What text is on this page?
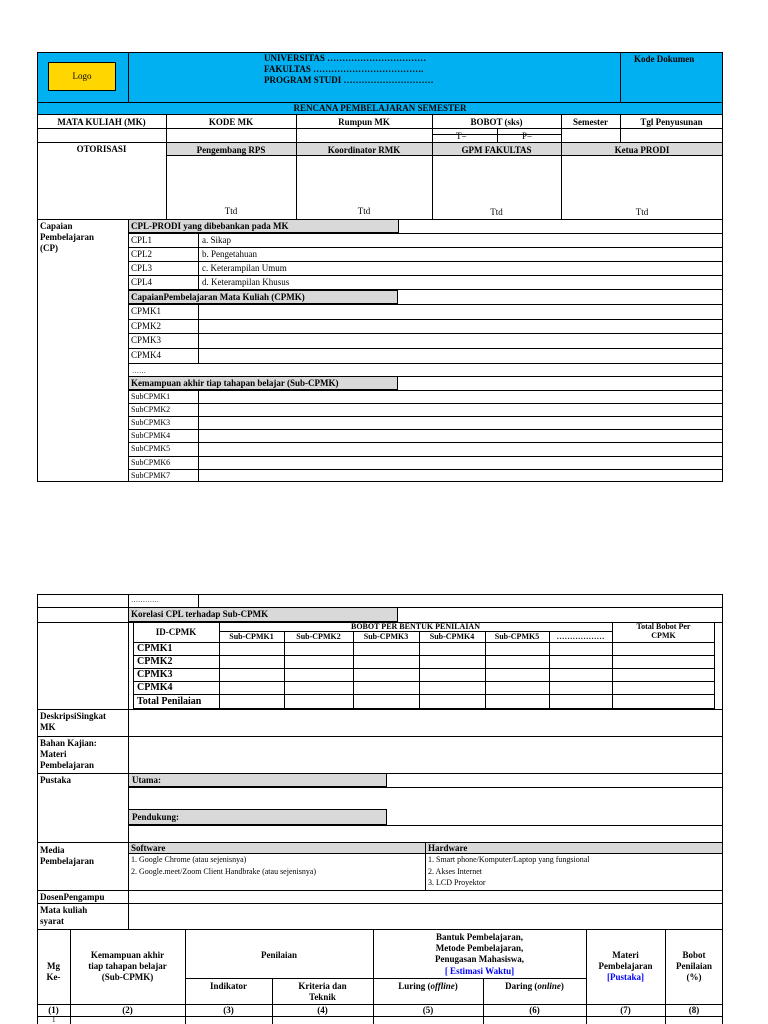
Logo
UNIVERSITAS ……………………………
FAKULTAS ……………………………….
PROGRAM STUDI …………………………
Kode Dokumen
RENCANA PEMBELAJARAN SEMESTER
MATA KULIAH (MK)	KODE MK	Rumpun MK	BOBOT (sks)	Semester	Tgl Penyusunan
T=	P=
OTORISASI	Pengembang RPS	Koordinator RMK	GPM FAKULTAS	Ketua PRODI
Ttd	Ttd	Ttd	Ttd
Capaian
Pembelajaran
(CP)
CPL-PRODI yang dibebankan pada MK
CPL1	a. Sikap
CPL2	b. Pengetahuan
CPL3	c. Keterampilan Umum
CPL4	d. Keterampilan Khusus
CapaianPembelajaran Mata Kuliah (CPMK)
CPMK1
CPMK2
CPMK3
CPMK4
……
Kemampuan akhir tiap tahapan belajar (Sub-CPMK)
SubCPMK1
SubCPMK2
SubCPMK3
SubCPMK4
SubCPMK5
SubCPMK6
SubCPMK7
…………
Korelasi CPL terhadap Sub-CPMK
ID-CPMK
BOBOT PER BENTUK PENILAIAN	Total Bobot Per
CPMK
Sub-CPMK1	Sub-CPMK2	Sub-CPMK3	Sub-CPMK4	Sub-CPMK5	………………
CPMK1
CPMK2
CPMK3
CPMK4
Total Penilaian
DeskripsiSingkat
MK
Bahan Kajian:
Materi
Pembelajaran
Pustaka	Utama:
Pendukung:
Media
Pembelajaran
Software	Hardware
1. Google Chrome (atau sejenisnya)
2. Google.meet/Zoom Client Handbrake (atau sejenisnya)
1. Smart phone/Komputer/Laptop yang fungsional
2. Akses Internet
3. LCD Proyektor
DosenPengampu
Mata kuliah
syarat
Mg
Ke-
Kemampuan akhir
tiap tahapan belajar
(Sub-CPMK)
Penilaian
Indikator	Kriteria dan
Teknik
Bantuk Pembelajaran,
Metode Pembelajaran,
Penugasan Mahasiswa,
[ Estimasi Waktu]
Luring (offline)	Daring (online)
Materi
Pembelajaran
[Pustaka]
Bobot
Penilaian
(%)
(1)	(2)	(3)	(4)	(5)	(6)	(7)	(8)
1
